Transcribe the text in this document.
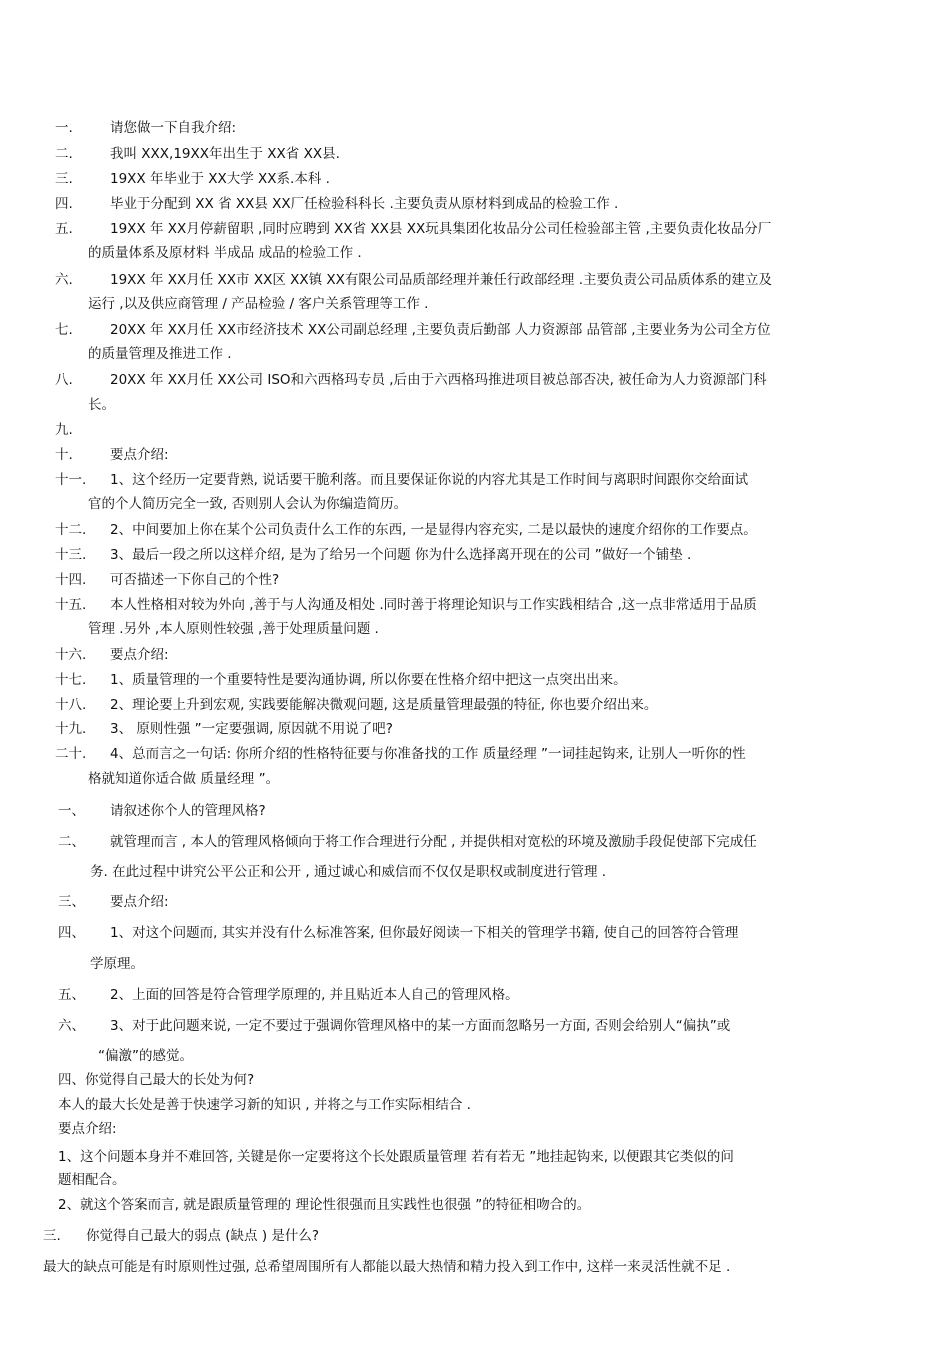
一.	请您做一下自我介绍:
二.	我叫 XXX,19XX年出生于 XX省 XX县.
三.	19XX 年毕业于 XX大学 XX系.本科 .
四.	毕业于分配到 XX 省 XX县 XX厂任检验科科长 .主要负责从原材料到成品的检验工作 .
五.	19XX 年 XX月停薪留职 ,同时应聘到 XX省 XX县 XX玩具集团化妆品分公司任检验部主管 ,主要负责化妆品分厂
的质量体系及原材料 半成品 成品的检验工作 .
六.	19XX 年 XX月任 XX市 XX区 XX镇 XX有限公司品质部经理并兼任行政部经理 .主要负责公司品质体系的建立及
运行 ,以及供应商管理 / 产品检验 / 客户关系管理等工作 .
七.	20XX 年 XX月任 XX市经济技术 XX公司副总经理 ,主要负责后勤部 人力资源部 品管部 ,主要业务为公司全方位
的质量管理及推进工作 .
八.	20XX 年 XX月任 XX公司 ISO和六西格玛专员 ,后由于六西格玛推进项目被总部否决, 被任命为人力资源部门科
长。
九.
十.	要点介绍:
十一. 1、这个经历一定要背熟, 说话要干脆利落。而且要保证你说的内容尤其是工作时间与离职时间跟你交给面试
官的个人简历完全一致, 否则别人会认为你编造简历。
十二. 2、中间要加上你在某个公司负责什么工作的东西, 一是显得内容充实, 二是以最快的速度介绍你的工作要点。
十三. 3、最后一段之所以这样介绍, 是为了给另一个问题 你为什么选择离开现在的公司 ”做好一个铺垫 .
十四. 可否描述一下你自己的个性?
十五. 本人性格相对较为外向 ,善于与人沟通及相处 .同时善于将理论知识与工作实践相结合 ,这一点非常适用于品质
管理 .另外 ,本人原则性较强 ,善于处理质量问题 .
十六. 要点介绍:
十七. 1、质量管理的一个重要特性是要沟通协调, 所以你要在性格介绍中把这一点突出出来。
十八. 2、理论要上升到宏观, 实践要能解决微观问题, 这是质量管理最强的特征, 你也要介绍出来。
十九. 3、 原则性强 ”一定要强调, 原因就不用说了吧?
二十. 4、总而言之一句话: 你所介绍的性格特征要与你准备找的工作 质量经理 ”一词挂起钩来, 让别人一听你的性
格就知道你适合做 质量经理 ”。
一、 请叙述你个人的管理风格?
二、 就管理而言 , 本人的管理风格倾向于将工作合理进行分配 , 并提供相对宽松的环境及激励手段促使部下完成任
务. 在此过程中讲究公平公正和公开 , 通过诚心和威信而不仅仅是职权或制度进行管理 .
三、 要点介绍:
四、 1、对这个问题而, 其实并没有什么标准答案, 但你最好阅读一下相关的管理学书籍, 使自己的回答符合管理
学原理。
五、 2、上面的回答是符合管理学原理的, 并且贴近本人自己的管理风格。
六、 3、对于此问题来说, 一定不要过于强调你管理风格中的某一方面而忽略另一方面, 否则会给别人“偏执”或
“偏激”的感觉。
四、你觉得自己最大的长处为何?
本人的最大长处是善于快速学习新的知识 , 并将之与工作实际相结合 .
要点介绍:
1、这个问题本身并不难回答, 关键是你一定要将这个长处跟质量管理 若有若无 ”地挂起钩来, 以便跟其它类似的问
题相配合。
2、就这个答案而言, 就是跟质量管理的 理论性很强而且实践性也很强 ”的特征相吻合的。
三. 你觉得自己最大的弱点 (缺点 ) 是什么?
最大的缺点可能是有时原则性过强, 总希望周围所有人都能以最大热情和精力投入到工作中, 这样一来灵活性就不足 .
